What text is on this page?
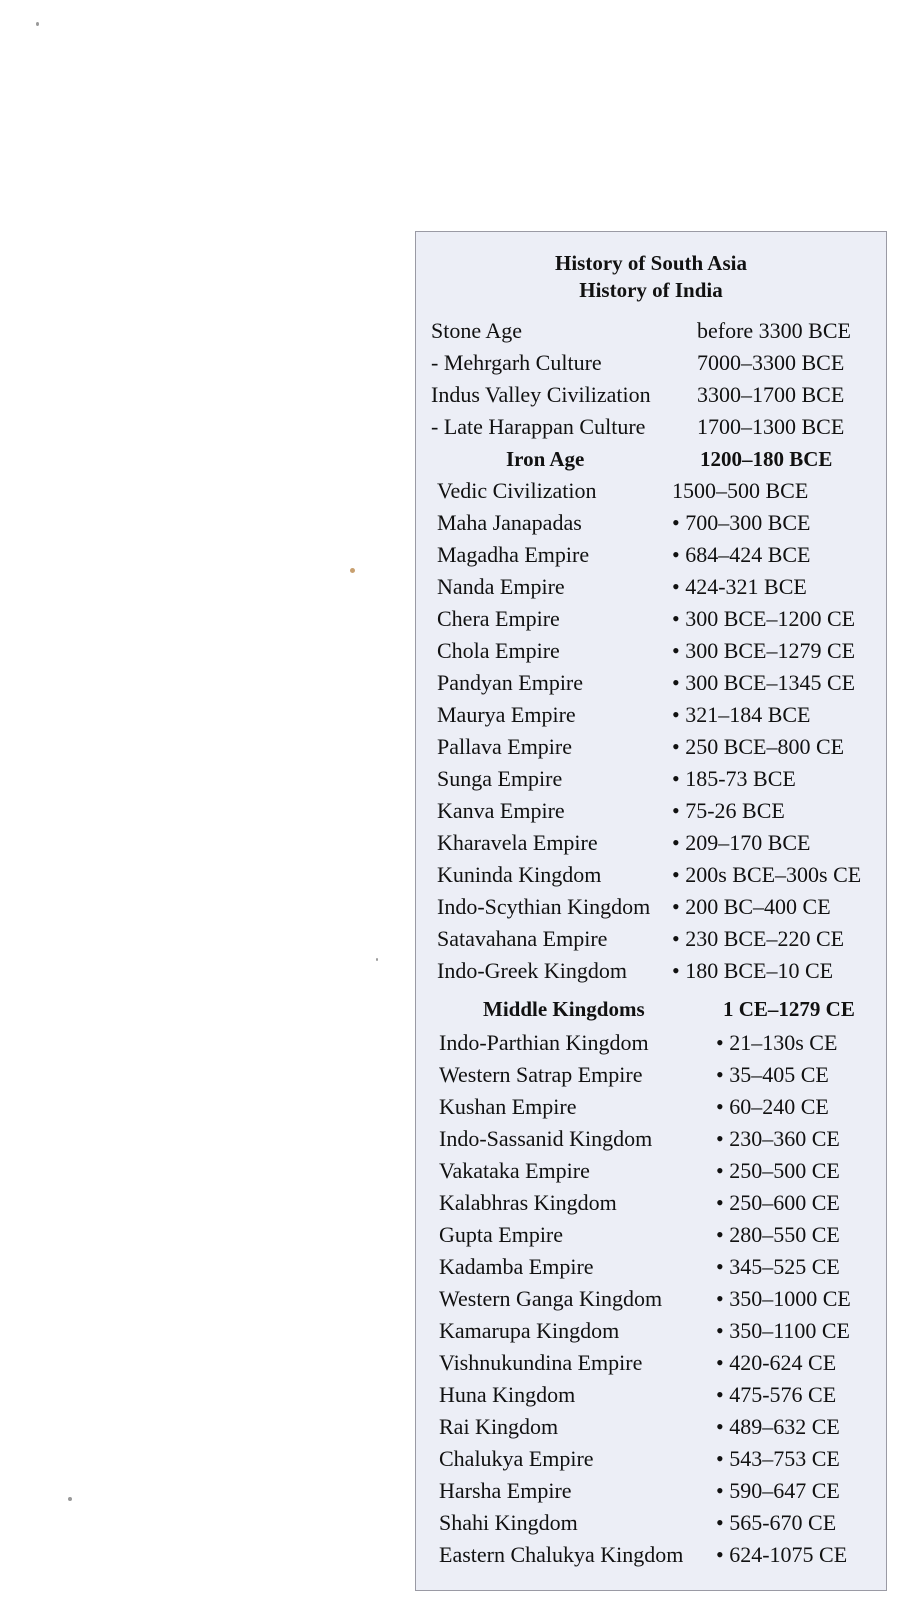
History of South Asia
History of India
Stone Age	before 3300 BCE
- Mehrgarh Culture	7000–3300 BCE
Indus Valley Civilization 3300–1700 BCE
- Late Harappan Culture 1700–1300 BCE
Iron Age	1200–180 BCE
Vedic Civilization	1500–500 BCE
Maha Janapadas	• 700–300 BCE
Magadha Empire	• 684–424 BCE
Nanda Empire	• 424-321 BCE
Chera Empire	• 300 BCE–1200 CE
Chola Empire	• 300 BCE–1279 CE
Pandyan Empire	• 300 BCE–1345 CE
Maurya Empire	• 321–184 BCE
Pallava Empire	• 250 BCE–800 CE
Sunga Empire	• 185-73 BCE
Kanva Empire	• 75-26 BCE
Kharavela Empire	• 209–170 BCE
Kuninda Kingdom	• 200s BCE–300s CE
Indo-Scythian Kingdom • 200 BC–400 CE
Satavahana Empire	• 230 BCE–220 CE
Indo-Greek Kingdom • 180 BCE–10 CE
Middle Kingdoms	1 CE–1279 CE
Indo-Parthian Kingdom	• 21–130s CE
Western Satrap Empire	• 35–405 CE
Kushan Empire	• 60–240 CE
Indo-Sassanid Kingdom	• 230–360 CE
Vakataka Empire	• 250–500 CE
Kalabhras Kingdom	• 250–600 CE
Gupta Empire	• 280–550 CE
Kadamba Empire	• 345–525 CE
Western Ganga Kingdom • 350–1000 CE
Kamarupa Kingdom	• 350–1100 CE
Vishnukundina Empire	• 420-624 CE
Huna Kingdom	• 475-576 CE
Rai Kingdom	• 489–632 CE
Chalukya Empire	• 543–753 CE
Harsha Empire	• 590–647 CE
Shahi Kingdom	• 565-670 CE
Eastern Chalukya Kingdom • 624-1075 CE
